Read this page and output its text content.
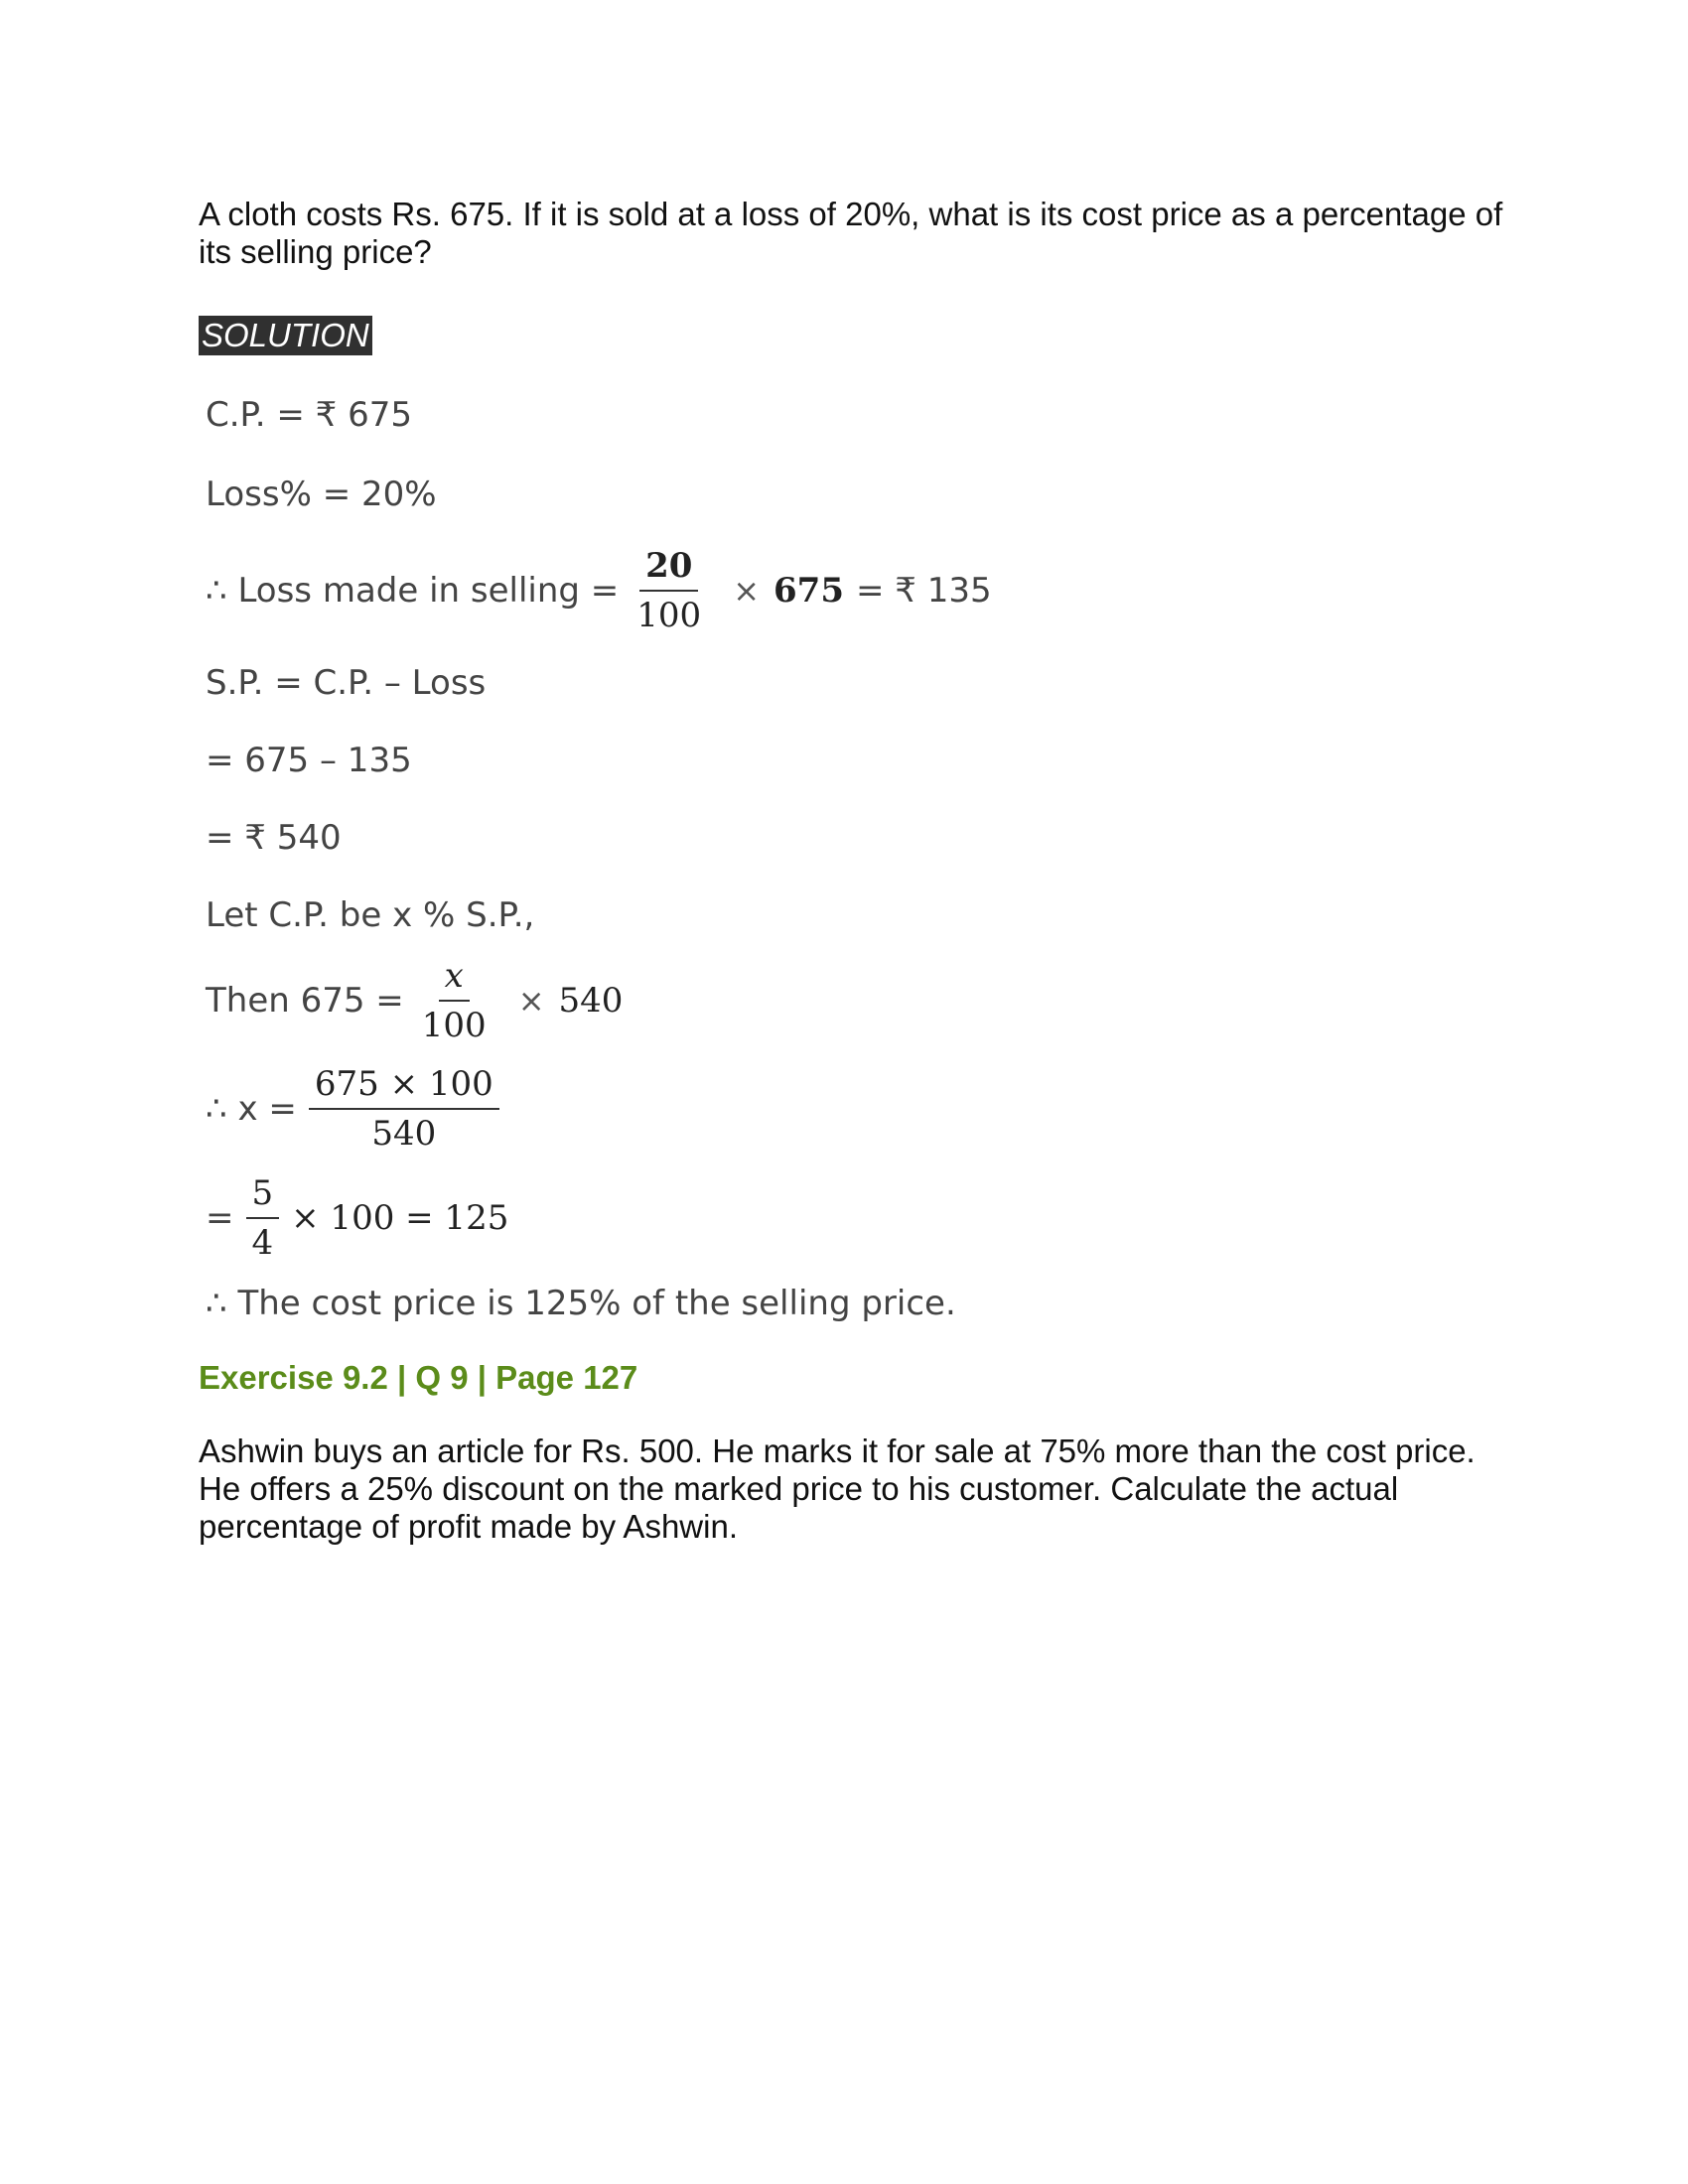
A cloth costs Rs. 675. If it is sold at a loss of 20%, what is its cost price as a percentage of its selling price?
SOLUTION
C.P. = ₹ 675
Loss% = 20%
∴ Loss made in selling = $\frac{20}{100} \times 675$ = ₹ 135
S.P. = C.P. – Loss
= 675 – 135
= ₹ 540
Let C.P. be x % S.P.,
Then $675 = \frac{x}{100} \times 540$
∴ $x = \frac{675 \times 100}{540}$
= $\frac{5}{4} \times 100 = 125$
∴ The cost price is 125% of the selling price.
Exercise 9.2 | Q 9 | Page 127
Ashwin buys an article for Rs. 500. He marks it for sale at 75% more than the cost price. He offers a 25% discount on the marked price to his customer. Calculate the actual percentage of profit made by Ashwin.
